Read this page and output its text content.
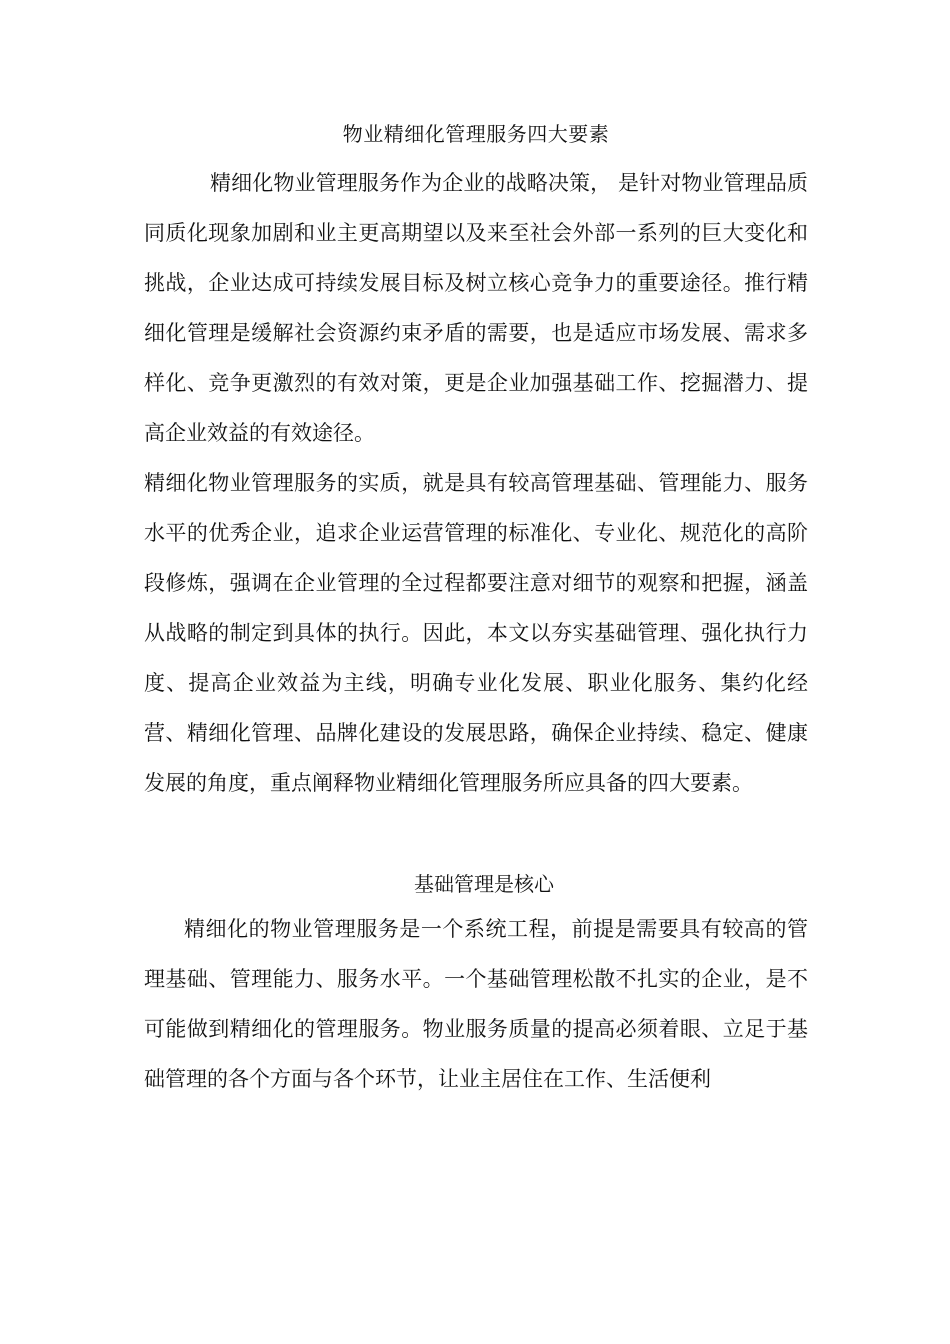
物业精细化管理服务四大要素

精细化物业管理服务作为企业的战略决策， 是针对物业管理品质同质化现象加剧和业主更高期望以及来至社会外部一系列的巨大变化和挑战，企业达成可持续发展目标及树立核心竞争力的重要途径。推行精细化管理是缓解社会资源约束矛盾的需要，也是适应市场发展、需求多样化、竞争更激烈的有效对策，更是企业加强基础工作、挖掘潜力、提高企业效益的有效途径。

精细化物业管理服务的实质，就是具有较高管理基础、管理能力、服务水平的优秀企业，追求企业运营管理的标准化、专业化、规范化的高阶段修炼，强调在企业管理的全过程都要注意对细节的观察和把握，涵盖从战略的制定到具体的执行。因此，本文以夯实基础管理、强化执行力度、提高企业效益为主线，明确专业化发展、职业化服务、集约化经营、精细化管理、品牌化建设的发展思路，确保企业持续、稳定、健康发展的角度，重点阐释物业精细化管理服务所应具备的四大要素。

基础管理是核心

精细化的物业管理服务是一个系统工程，前提是需要具有较高的管理基础、管理能力、服务水平。一个基础管理松散不扎实的企业，是不可能做到精细化的管理服务。物业服务质量的提高必须着眼、立足于基础管理的各个方面与各个环节，让业主居住在工作、生活便利
